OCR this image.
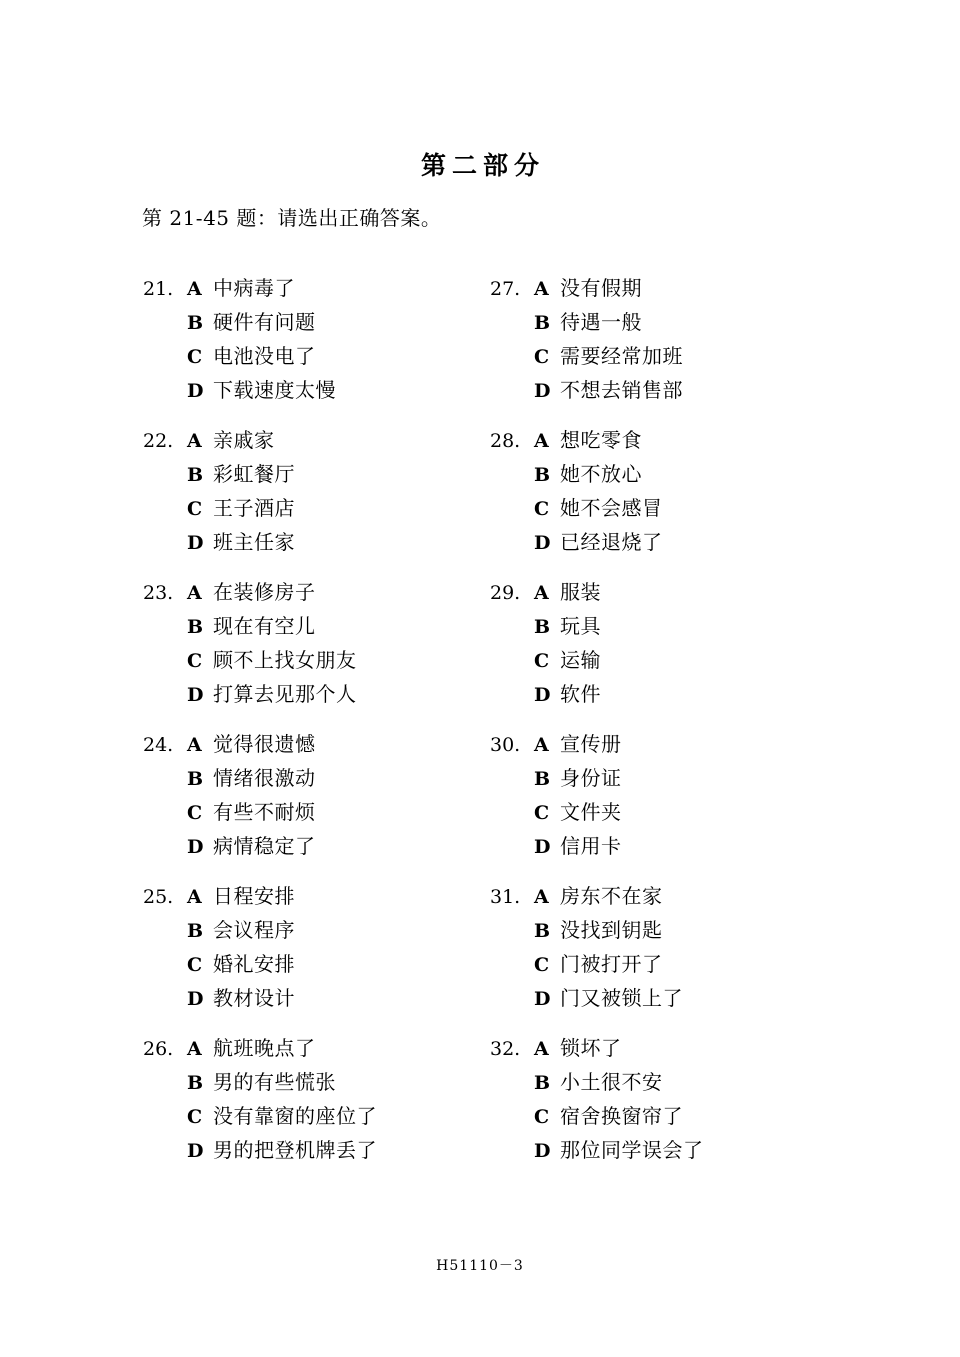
第二部分
第 21-45 题：请选出正确答案。
21. A 中病毒了
B 硬件有问题
C 电池没电了
D 下载速度太慢
22. A 亲戚家
B 彩虹餐厅
C 王子酒店
D 班主任家
23. A 在装修房子
B 现在有空儿
C 顾不上找女朋友
D 打算去见那个人
24. A 觉得很遗憾
B 情绪很激动
C 有些不耐烦
D 病情稳定了
25. A 日程安排
B 会议程序
C 婚礼安排
D 教材设计
26. A 航班晚点了
B 男的有些慌张
C 没有靠窗的座位了
D 男的把登机牌丢了
27. A 没有假期
B 待遇一般
C 需要经常加班
D 不想去销售部
28. A 想吃零食
B 她不放心
C 她不会感冒
D 已经退烧了
29. A 服装
B 玩具
C 运输
D 软件
30. A 宣传册
B 身份证
C 文件夹
D 信用卡
31. A 房东不在家
B 没找到钥匙
C 门被打开了
D 门又被锁上了
32. A 锁坏了
B 小土很不安
C 宿舍换窗帘了
D 那位同学误会了
H51110－3
